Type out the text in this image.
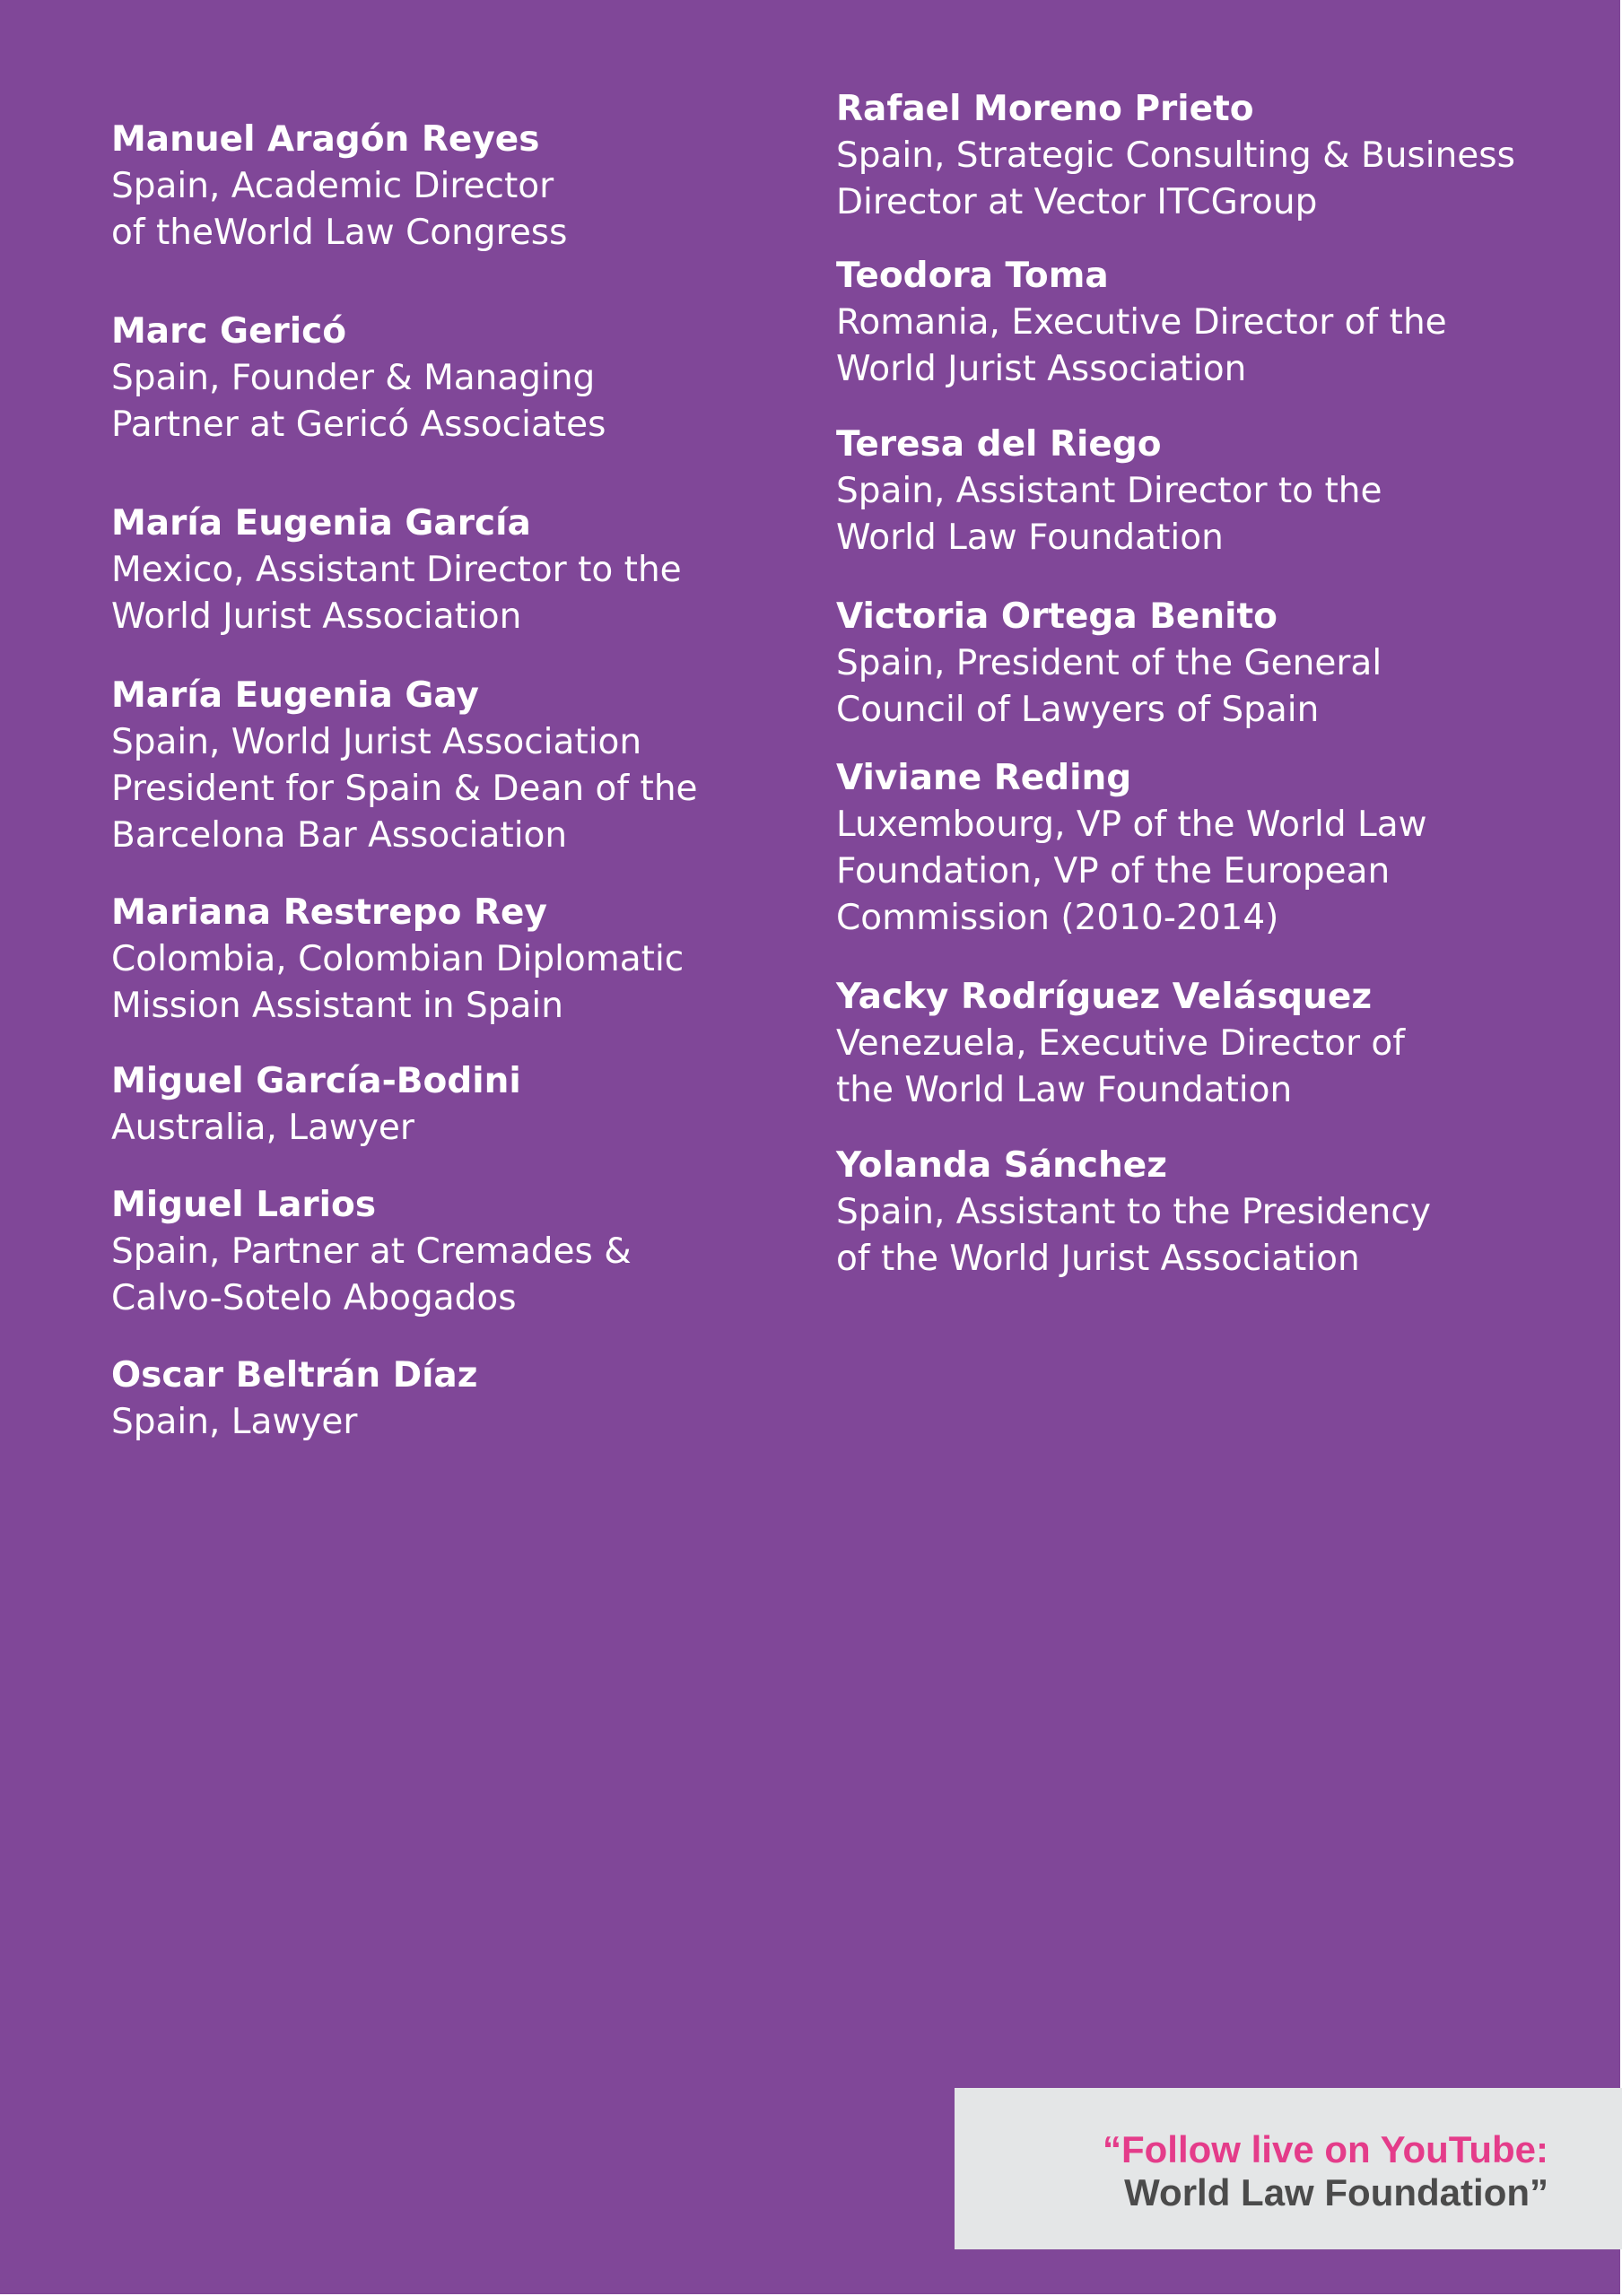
Manuel Aragón Reyes
Spain, Academic Director
of theWorld Law Congress
Marc Gericó
Spain, Founder & Managing
Partner at Gericó Associates
María Eugenia García
Mexico, Assistant Director to the
World Jurist Association
María Eugenia Gay
Spain, World Jurist Association
President for Spain & Dean of the
Barcelona Bar Association
Mariana Restrepo Rey
Colombia, Colombian Diplomatic
Mission Assistant in Spain
Miguel García-Bodini
Australia, Lawyer
Miguel Larios
Spain, Partner at Cremades &
Calvo-Sotelo Abogados
Oscar Beltrán Díaz
Spain, Lawyer
Rafael Moreno Prieto
Spain, Strategic Consulting & Business
Director at Vector ITCGroup
Teodora Toma
Romania, Executive Director of the
World Jurist Association
Teresa del Riego
Spain, Assistant Director to the
World Law Foundation
Victoria Ortega Benito
Spain, President of the General
Council of Lawyers of Spain
Viviane Reding
Luxembourg, VP of the World Law
Foundation, VP of the European
Commission (2010-2014)
Yacky Rodríguez Velásquez
Venezuela, Executive Director of
the World Law Foundation
Yolanda Sánchez
Spain, Assistant to the Presidency
of the World Jurist Association
“Follow live on YouTube:
World Law Foundation”
